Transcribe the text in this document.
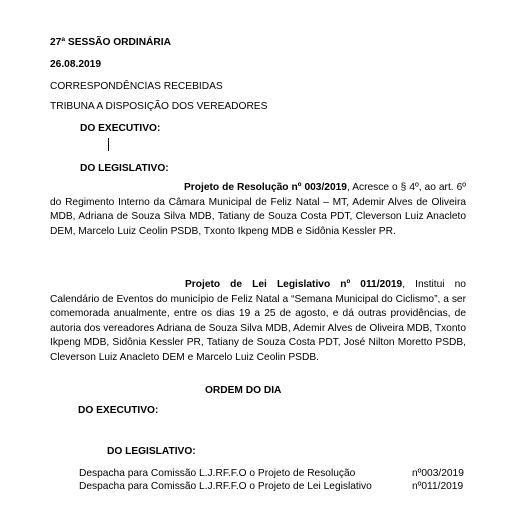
27ª SESSÃO ORDINÁRIA
26.08.2019
CORRESPONDÊNCIAS RECEBIDAS
TRIBUNA A DISPOSIÇÃO DOS VEREADORES
DO EXECUTIVO:
DO LEGISLATIVO:
Projeto de Resolução nº 003/2019, Acresce o § 4º, ao art. 6º do Regimento Interno da Câmara Municipal de Feliz Natal – MT, Ademir Alves de Oliveira MDB, Adriana de Souza Silva MDB, Tatiany de Souza Costa PDT, Cleverson Luiz Anacleto DEM, Marcelo Luiz Ceolin PSDB, Txonto Ikpeng MDB e Sidônia Kessler PR.
Projeto de Lei Legislativo nº 011/2019, Institui no Calendário de Eventos do município de Feliz Natal a “Semana Municipal do Ciclismo”, a ser comemorada anualmente, entre os dias 19 a 25 de agosto, e dá outras providências, de autoria dos vereadores Adriana de Souza Silva MDB, Ademir Alves de Oliveira MDB, Txonto Ikpeng MDB, Sidônia Kessler PR, Tatiany de Souza Costa PDT, José Nilton Moretto PSDB, Cleverson Luiz Anacleto DEM e Marcelo Luiz Ceolin PSDB.
ORDEM DO DIA
DO EXECUTIVO:
DO LEGISLATIVO:
Despacha para Comissão L.J.RF.F.O o Projeto de Resolução	nº003/2019
Despacha para Comissão L.J.RF.F.O o Projeto de Lei Legislativo	nº011/2019
